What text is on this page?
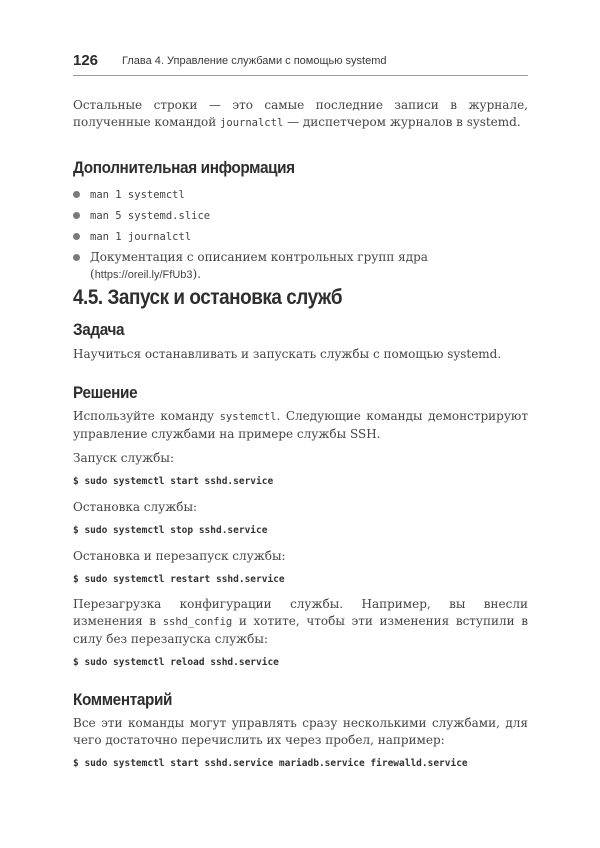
126 Глава 4. Управление службами с помощью systemd

Остальные строки — это самые последние записи в журнале, полученные командой journalctl — диспетчером журналов в systemd.

Дополнительная информация
man 1 systemctl
man 5 systemd.slice
man 1 journalctl
Документация с описанием контрольных групп ядра (https://oreil.ly/FfUb3).
4.5. Запуск и остановка служб
Задача

Научиться останавливать и запускать службы с помощью systemd.

Решение

Используйте команду systemctl. Следующие команды демонстрируют управление службами на примере службы SSH.

Запуск службы:

$ sudo systemctl start sshd.service

Остановка службы:

$ sudo systemctl stop sshd.service

Остановка и перезапуск службы:

$ sudo systemctl restart sshd.service

Перезагрузка конфигурации службы. Например, вы внесли изменения в sshd_config и хотите, чтобы эти изменения вступили в силу без перезапуска службы:

$ sudo systemctl reload sshd.service
Комментарий

Все эти команды могут управлять сразу несколькими службами, для чего достаточно перечислить их через пробел, например:

$ sudo systemctl start sshd.service mariadb.service firewalld.service
